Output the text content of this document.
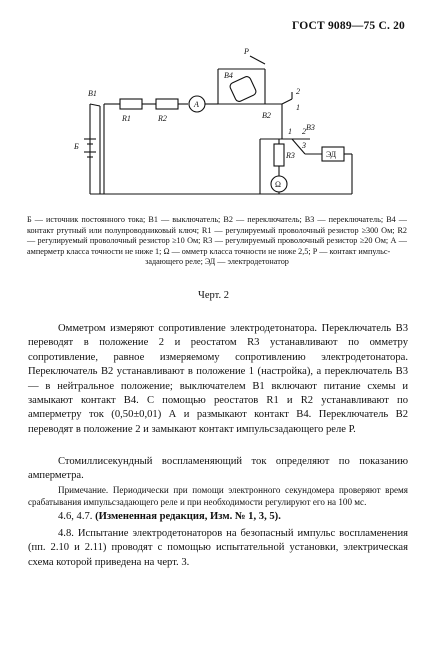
ГОСТ 9089—75 С. 20
В1
R1	R2
А
Р
В4
В2
2
1
1 2
3
В3
R3
Ω
ЭД
Б
Б — источник постоянного тока; В1 — выключатель; В2 — переключатель; В3 — переключатель; В4 — контакт ртутный или полупроводниковый ключ; R1 — регулируемый проволочный резистор ≥300 Ом; R2 — регулируемый проволочный резистор ≥10 Ом; R3 — регулируемый проволочный резистор ≥20 Ом; А — амперметр класса точности не ниже 1; Ω — омметр класса точности не ниже 2,5; Р — контакт импульс-
задающего реле; ЭД — электродетонатор
Черт. 2

Омметром измеряют сопротивление электродетонатора. Переключатель В3 переводят в положение 2 и реостатом R3 устанавливают по омметру сопротивление, равное измеряемому сопротивлению электродетонатора. Переключатель В2 устанавливают в положение 1 (настройка), а переключатель В3 — в нейтральное положение; выключателем В1 включают питание схемы и замыкают контакт В4. С помощью реостатов R1 и R2 устанавливают по амперметру ток (0,50±0,01) А и размыкают контакт В4. Переключатель В2 переводят в положение 2 и замыкают контакт импульсзадающего реле Р.

Стомиллисекундный воспламеняющий ток определяют по показанию амперметра.

Примечание. Периодически при помощи электронного секундомера проверяют время срабатывания импульсзадающего реле и при необходимости регулируют его на 100 мс.
4.6, 4.7. (Измененная редакция, Изм. № 1, 3, 5).
4.8. Испытание электродетонаторов на безопасный импульс воспламенения (пп. 2.10 и 2.11) проводят с помощью испытательной установки, электрическая схема которой приведена на черт. 3.
